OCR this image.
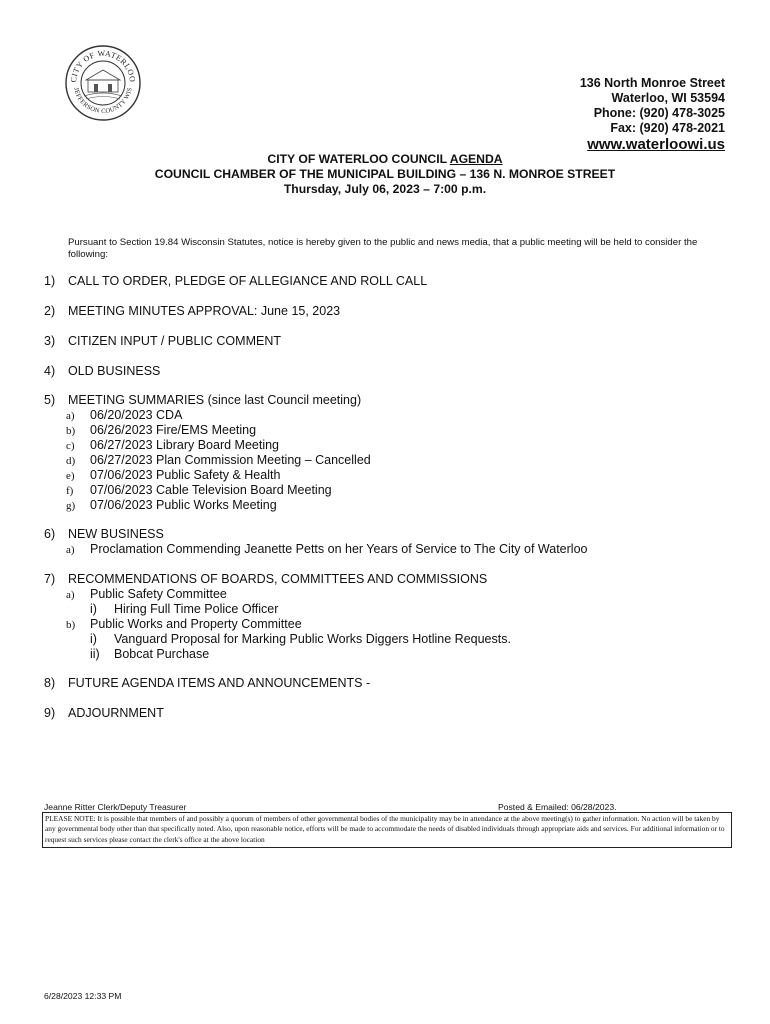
CITY OF WATERLOO
JEFFERSON COUNTY WIS	136 North Monroe Street
Waterloo, WI 53594
Phone: (920) 478-3025
Fax: (920) 478-2021
www.waterloowi.us
CITY OF WATERLOO COUNCIL AGENDA
COUNCIL CHAMBER OF THE MUNICIPAL BUILDING – 136 N. MONROE STREET
Thursday, July 06, 2023 – 7:00 p.m.
Pursuant to Section 19.84 Wisconsin Statutes, notice is hereby given to the public and news media, that a public meeting will be held to consider the following:
1) CALL TO ORDER, PLEDGE OF ALLEGIANCE AND ROLL CALL
2) MEETING MINUTES APPROVAL: June 15, 2023
3) CITIZEN INPUT / PUBLIC COMMENT
4) OLD BUSINESS
5) MEETING SUMMARIES (since last Council meeting)
a) 06/20/2023 CDA
b) 06/26/2023 Fire/EMS Meeting
c) 06/27/2023 Library Board Meeting
d) 06/27/2023 Plan Commission Meeting – Cancelled
e) 07/06/2023 Public Safety & Health
f) 07/06/2023 Cable Television Board Meeting
g) 07/06/2023 Public Works Meeting
6) NEW BUSINESS
a) Proclamation Commending Jeanette Petts on her Years of Service to The City of Waterloo
7) RECOMMENDATIONS OF BOARDS, COMMITTEES AND COMMISSIONS
a) Public Safety Committee
i) Hiring Full Time Police Officer
b) Public Works and Property Committee
i) Vanguard Proposal for Marking Public Works Diggers Hotline Requests.
ii) Bobcat Purchase
8) FUTURE AGENDA ITEMS AND ANNOUNCEMENTS -
9) ADJOURNMENT
Jeanne Ritter Clerk/Deputy Treasurer	Posted & Emailed: 06/28/2023.
PLEASE NOTE: It is possible that members of and possibly a quorum of members of other governmental bodies of the municipality may be in attendance at the above meeting(s) to gather information. No action will be taken by any governmental body other than that specifically noted. Also, upon reasonable notice, efforts will be made to accommodate the needs of disabled individuals through appropriate aids and services. For additional information or to request such services please contact the clerk's office at the above location
6/28/2023 12:33 PM
